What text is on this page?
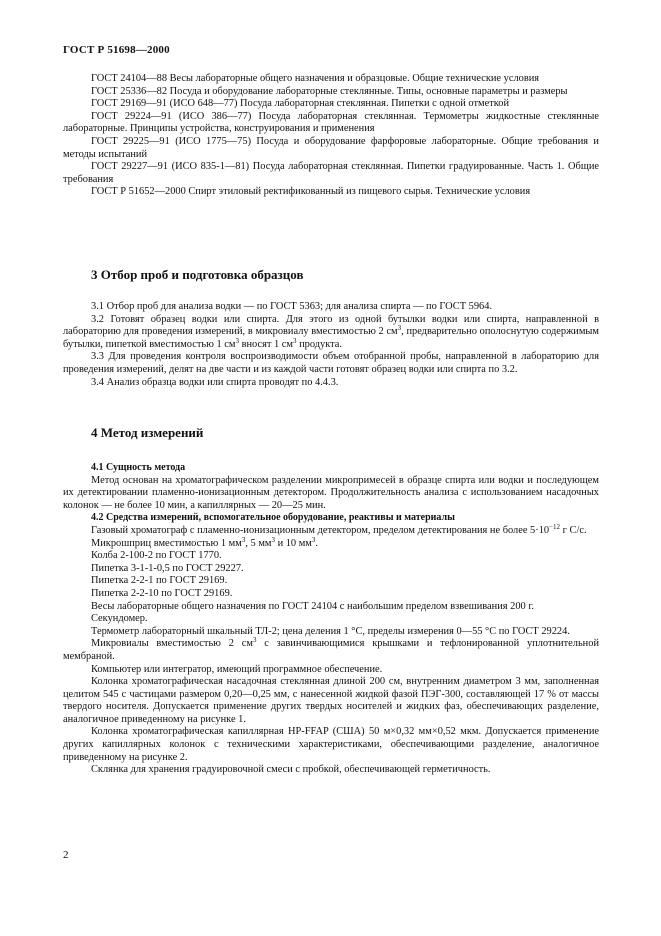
ГОСТ Р 51698—2000

ГОСТ 24104—88 Весы лабораторные общего назначения и образцовые. Общие технические условия

ГОСТ 25336—82 Посуда и оборудование лабораторные стеклянные. Типы, основные параметры и размеры

ГОСТ 29169—91 (ИСО 648—77) Посуда лабораторная стеклянная. Пипетки с одной отметкой

ГОСТ 29224—91 (ИСО 386—77) Посуда лабораторная стеклянная. Термометры жидкостные стеклянные лабораторные. Принципы устройства, конструирования и применения

ГОСТ 29225—91 (ИСО 1775—75) Посуда и оборудование фарфоровые лабораторные. Общие требования и методы испытаний

ГОСТ 29227—91 (ИСО 835-1—81) Посуда лабораторная стеклянная. Пипетки градуированные. Часть 1. Общие требования

ГОСТ Р 51652—2000 Спирт этиловый ректификованный из пищевого сырья. Технические условия

3 Отбор проб и подготовка образцов

3.1 Отбор проб для анализа водки — по ГОСТ 5363; для анализа спирта — по ГОСТ 5964.

3.2 Готовят образец водки или спирта. Для этого из одной бутылки водки или спирта, направленной в лабораторию для проведения измерений, в микровиалу вместимостью 2 $см^3$, предварительно ополоснутую содержимым бутылки, пипеткой вместимостью 1 $см^3$ вносят 1 $см^3$ продукта.

3.3 Для проведения контроля воспроизводимости объем отобранной пробы, направленной в лабораторию для проведения измерений, делят на две части и из каждой части готовят образец водки или спирта по 3.2.

3.4 Анализ образца водки или спирта проводят по 4.4.3.

4 Метод измерений

4.1 Сущность метода

Метод основан на хроматографическом разделении микропримесей в образце спирта или водки и последующем их детектировании пламенно-ионизационным детектором. Продолжительность анализа с использованием насадочных колонок — не более 10 мин, а капиллярных — 20—25 мин.

4.2 Средства измерений, вспомогательное оборудование, реактивы и материалы

Газовый хроматограф с пламенно-ионизационным детектором, пределом детектирования не более $5\cdot 10^{-12}$ г С/с.

Микрошприц вместимостью 1 $мм^3$, 5 $мм^3$ и 10 $мм^3$.

Колба 2-100-2 по ГОСТ 1770.

Пипетка 3-1-1-0,5 по ГОСТ 29227.

Пипетка 2-2-1 по ГОСТ 29169.

Пипетка 2-2-10 по ГОСТ 29169.

Весы лабораторные общего назначения по ГОСТ 24104 с наибольшим пределом взвешивания 200 г.

Секундомер.

Термометр лабораторный шкальный ТЛ-2; цена деления 1 °С, пределы измерения 0—55 °С по ГОСТ 29224.

Микровиалы вместимостью 2 $см^3$ с завинчивающимися крышками и тефлонированной уплотнительной мембраной.

Компьютер или интегратор, имеющий программное обеспечение.

Колонка хроматографическая насадочная стеклянная длиной 200 см, внутренним диаметром 3 мм, заполненная целитом 545 с частицами размером 0,20—0,25 мм, с нанесенной жидкой фазой ПЭГ-300, составляющей 17 % от массы твердого носителя. Допускается применение других твердых носителей и жидких фаз, обеспечивающих разделение, аналогичное приведенному на рисунке 1.

Колонка хроматографическая капиллярная HP-FFAP (США) 50 м×0,32 мм×0,52 мкм. Допускается применение других капиллярных колонок с техническими характеристиками, обеспечивающими разделение, аналогичное приведенному на рисунке 2.

Склянка для хранения градуировочной смеси с пробкой, обеспечивающей герметичность.

2
